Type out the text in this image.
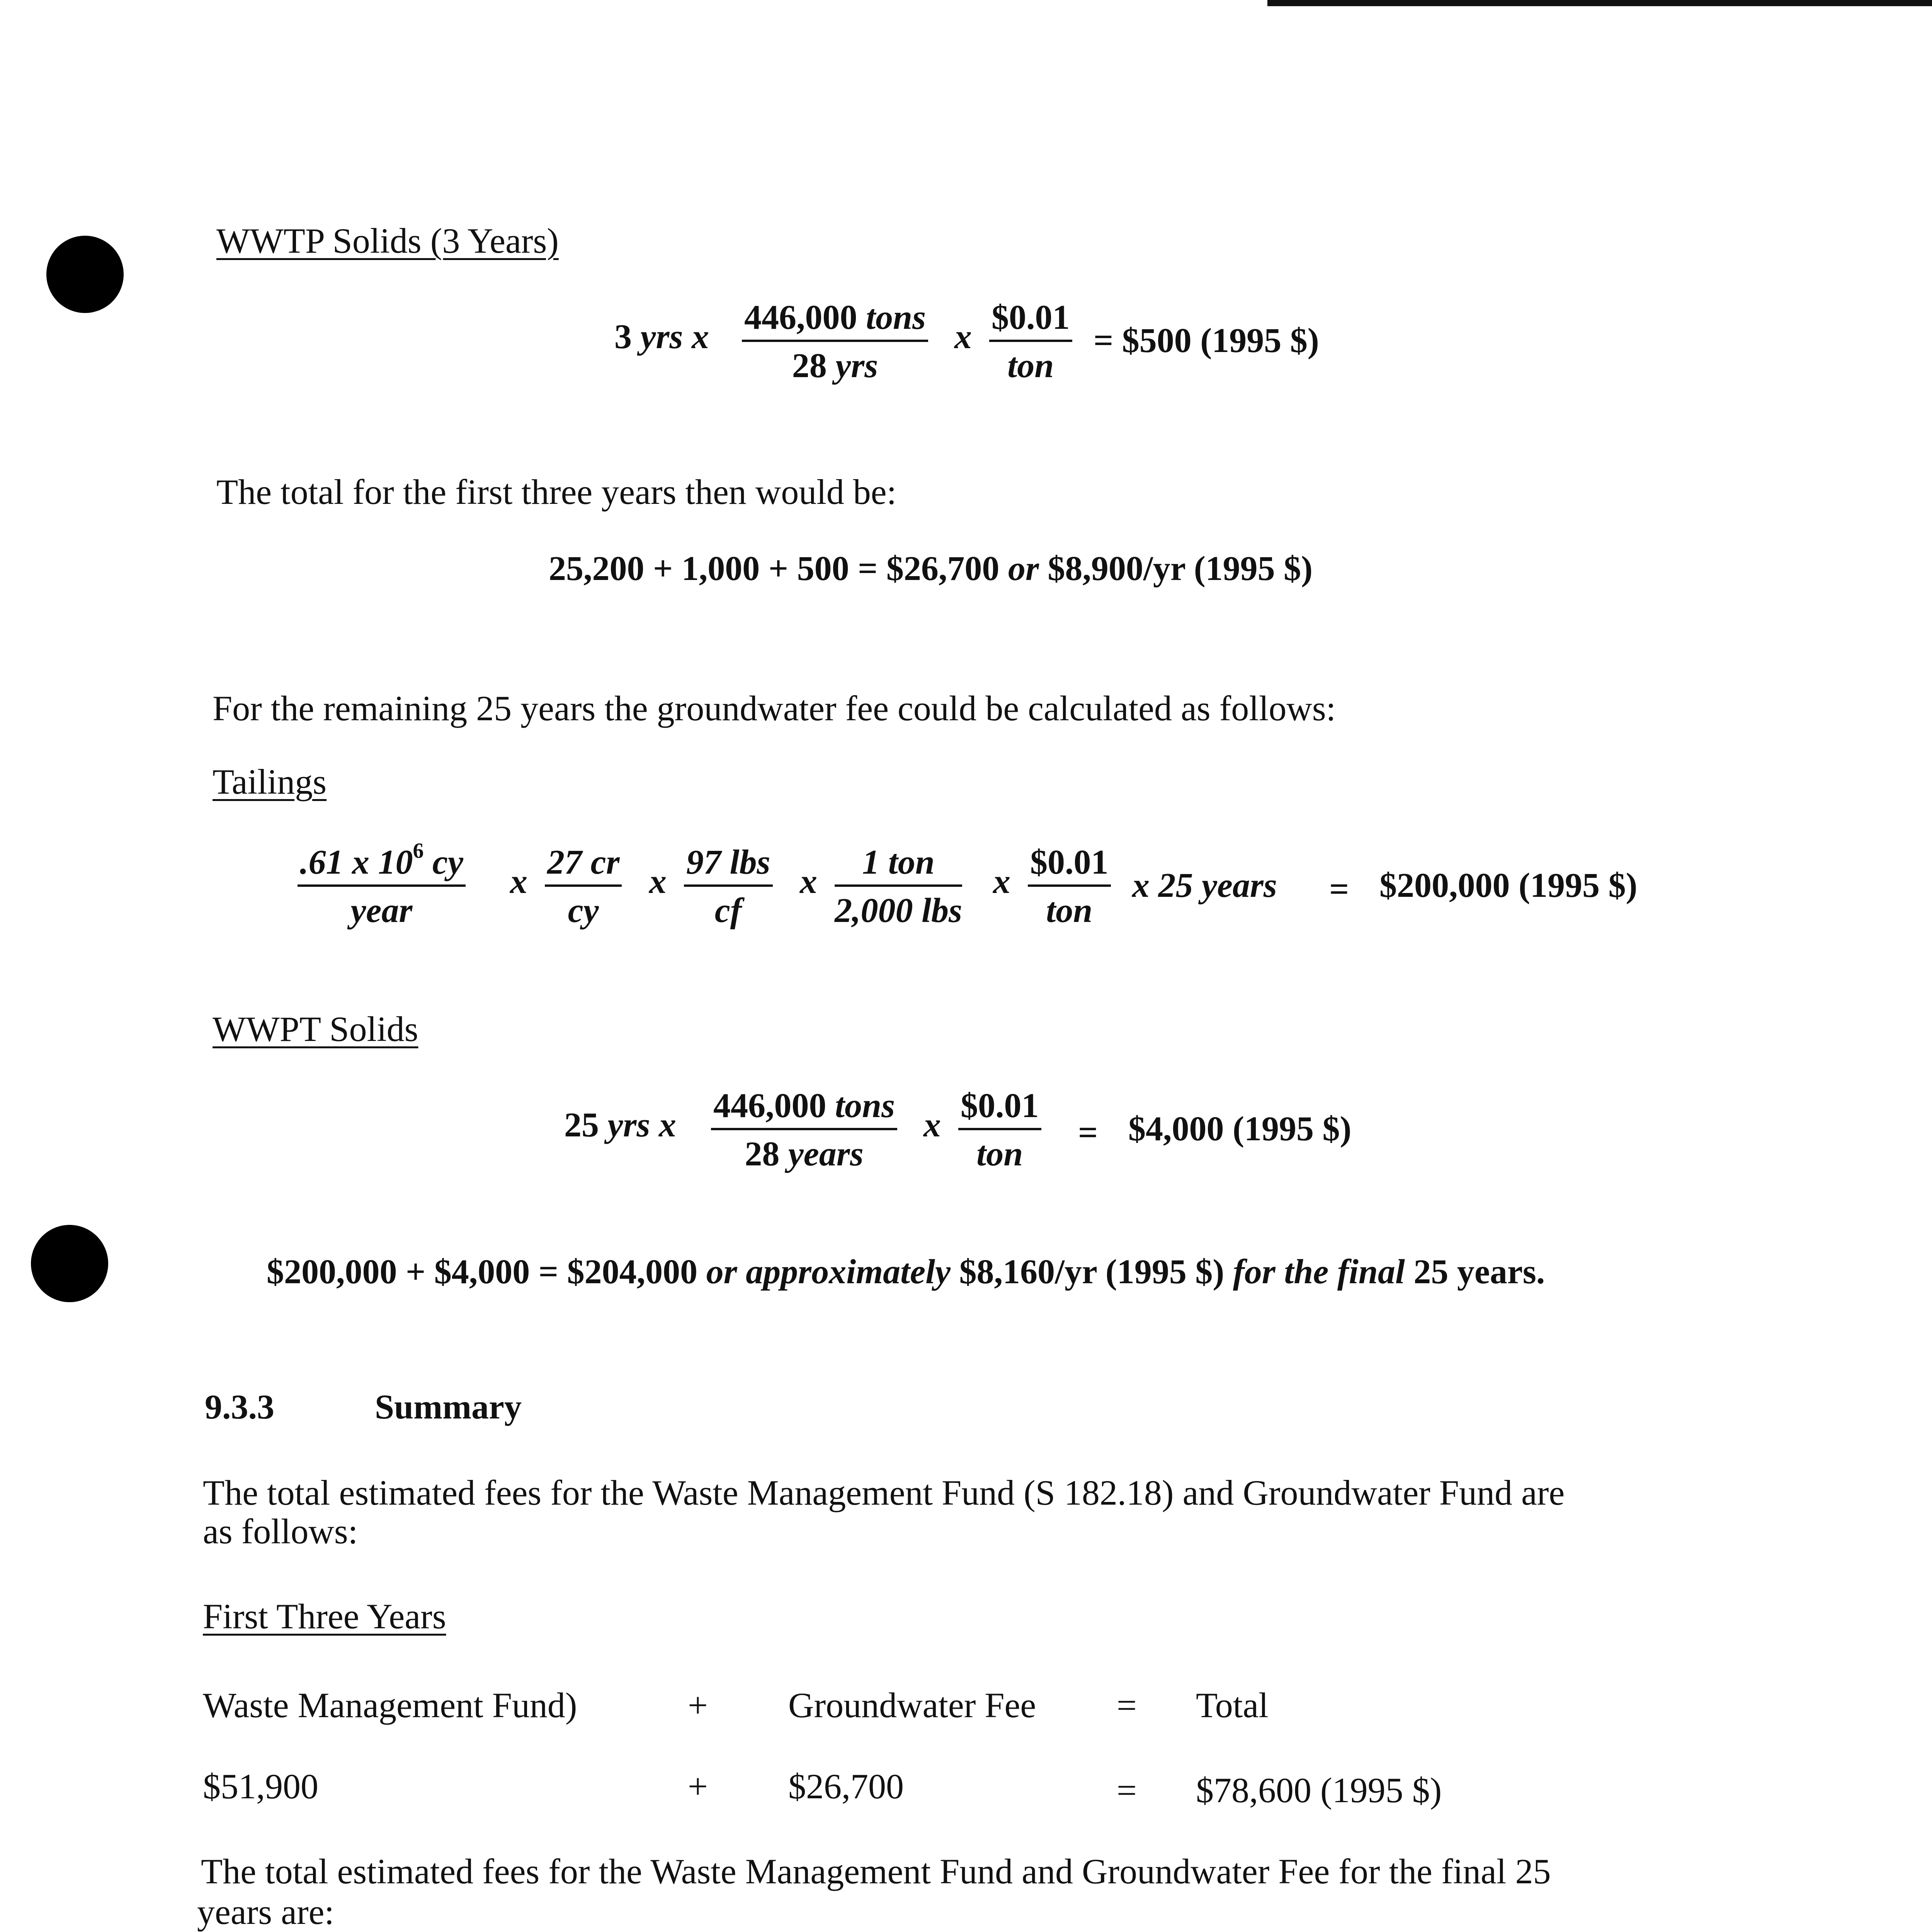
WWTP Solids (3 Years)
3 yrs x
446,000 tons
28 yrs
x
$0.01
ton
= $500 (1995 $)
The total for the first three years then would be:
25,200 + 1,000 + 500 = $26,700 or $8,900/yr (1995 $)
For the remaining 25 years the groundwater fee could be calculated as follows:
Tailings
.61 x $10^6$ cy
year
x $\frac{27 cr}{cy}$ x
97 lbs
cf
x
1 ton
2,000 lbs
x
$0.01
ton
x 25 years = $200,000 (1995 $)
WWPT Solids
25 yrs x
446,000 tons
28 years
x
$0.01
ton
= $4,000 (1995 $)
$200,000 + $4,000 = $204,000 or approximately $8,160/yr (1995 $) for the final 25 years.
9.3.3	Summary
The total estimated fees for the Waste Management Fund (S 182.18) and Groundwater Fund are
as follows:
First Three Years
Waste Management Fund)	+ Groundwater Fee = Total
$51,900	+ $26,700	= $78,600 (1995 $)
The total estimated fees for the Waste Management Fund and Groundwater Fee for the final 25
years are:
